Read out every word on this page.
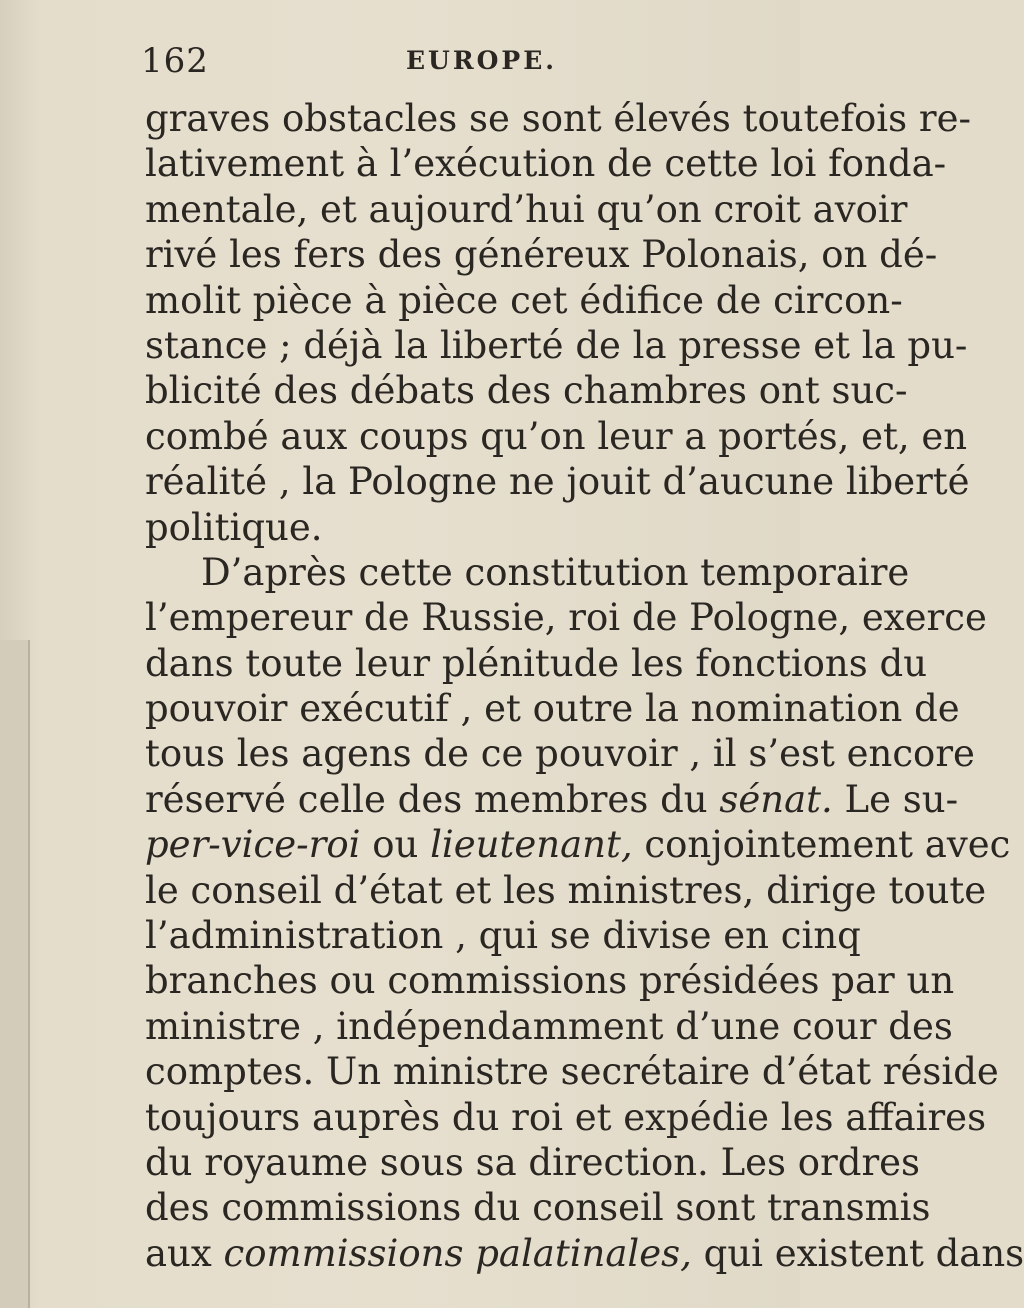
162	EUROPE.
graves obstacles se sont élevés toutefois re-
lativement à l’exécution de cette loi fonda-
mentale, et aujourd’hui qu’on croit avoir
rivé les fers des généreux Polonais, on dé-
molit pièce à pièce cet édifice de circon-
stance ; déjà la liberté de la presse et la pu-
blicité des débats des chambres ont suc-
combé aux coups qu’on leur a portés, et, en
réalité , la Pologne ne jouit d’aucune liberté
politique.
D’après cette constitution temporaire
l’empereur de Russie, roi de Pologne, exerce
dans toute leur plénitude les fonctions du
pouvoir exécutif , et outre la nomination de
tous les agens de ce pouvoir , il s’est encore
réservé celle des membres du sénat. Le su-
per-vice-roi ou lieutenant, conjointement avec
le conseil d’état et les ministres, dirige toute
l’administration , qui se divise en cinq
branches ou commissions présidées par un
ministre , indépendamment d’une cour des
comptes. Un ministre secrétaire d’état réside
toujours auprès du roi et expédie les affaires
du royaume sous sa direction. Les ordres
des commissions du conseil sont transmis
aux commissions palatinales, qui existent dans
